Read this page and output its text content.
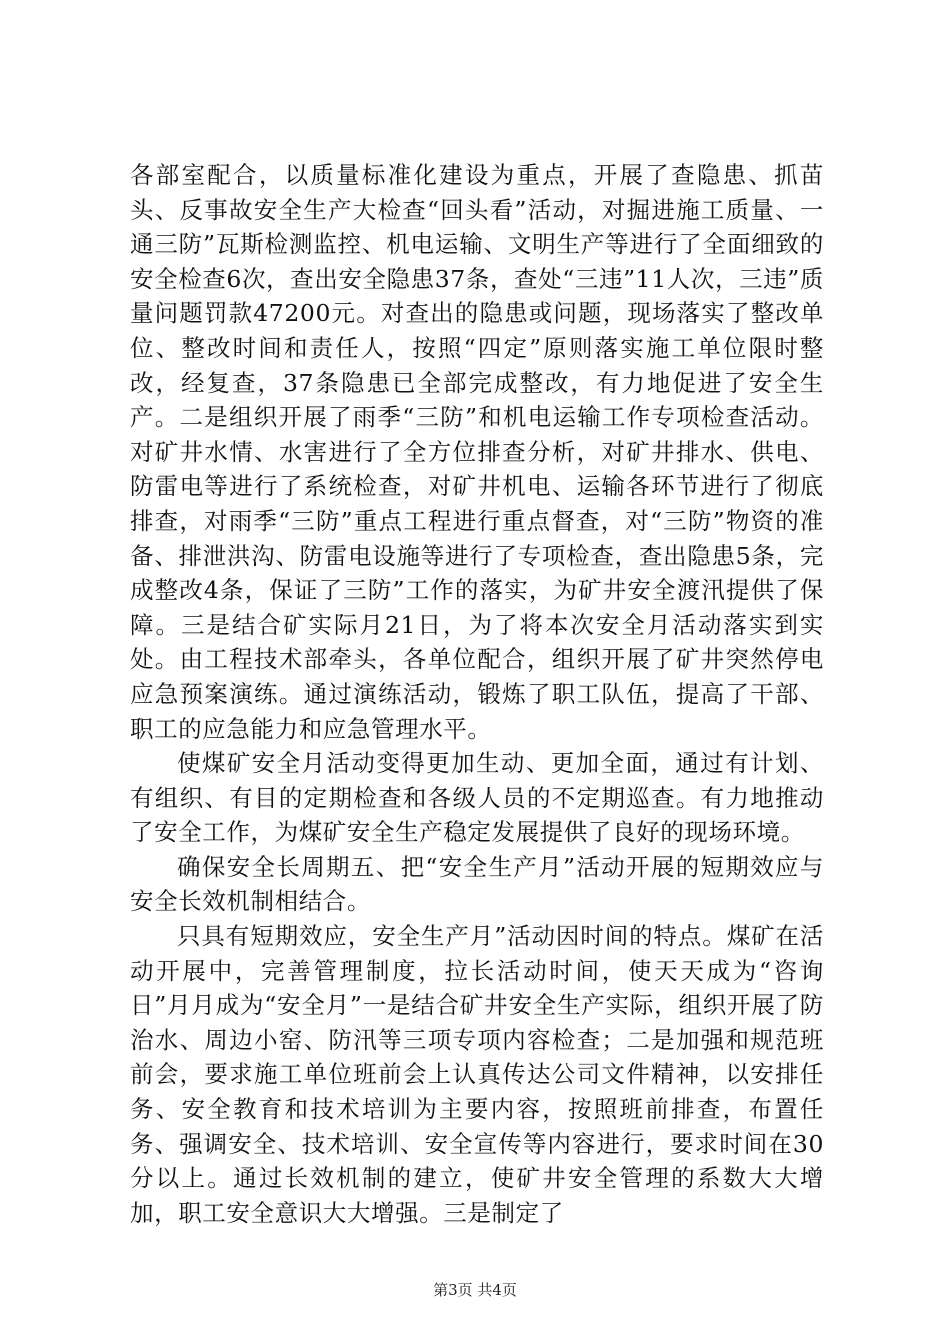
各部室配合，以质量标准化建设为重点，开展了查隐患、抓苗头、反事故安全生产大检查“回头看”活动，对掘进施工质量、一通三防”瓦斯检测监控、机电运输、文明生产等进行了全面细致的安全检查6次，查出安全隐患37条，查处“三违”11人次，三违”质量问题罚款47200元。对查出的隐患或问题，现场落实了整改单位、整改时间和责任人，按照“四定”原则落实施工单位限时整改，经复查，37条隐患已全部完成整改，有力地促进了安全生产。二是组织开展了雨季“三防”和机电运输工作专项检查活动。对矿井水情、水害进行了全方位排查分析，对矿井排水、供电、防雷电等进行了系统检查，对矿井机电、运输各环节进行了彻底排查，对雨季“三防”重点工程进行重点督查，对“三防”物资的准备、排泄洪沟、防雷电设施等进行了专项检查，查出隐患5条，完成整改4条，保证了三防”工作的落实，为矿井安全渡汛提供了保障。三是结合矿实际月21日，为了将本次安全月活动落实到实处。由工程技术部牵头，各单位配合，组织开展了矿井突然停电应急预案演练。通过演练活动，锻炼了职工队伍，提高了干部、职工的应急能力和应急管理水平。

使煤矿安全月活动变得更加生动、更加全面，通过有计划、有组织、有目的定期检查和各级人员的不定期巡查。有力地推动了安全工作，为煤矿安全生产稳定发展提供了良好的现场环境。

确保安全长周期五、把“安全生产月”活动开展的短期效应与安全长效机制相结合。

只具有短期效应，安全生产月”活动因时间的特点。煤矿在活动开展中，完善管理制度，拉长活动时间，使天天成为“咨询日”月月成为“安全月”一是结合矿井安全生产实际，组织开展了防治水、周边小窑、防汛等三项专项内容检查；二是加强和规范班前会，要求施工单位班前会上认真传达公司文件精神，以安排任务、安全教育和技术培训为主要内容，按照班前排查，布置任务、强调安全、技术培训、安全宣传等内容进行，要求时间在30分以上。通过长效机制的建立，使矿井安全管理的系数大大增加，职工安全意识大大增强。三是制定了

第3页 共4页
